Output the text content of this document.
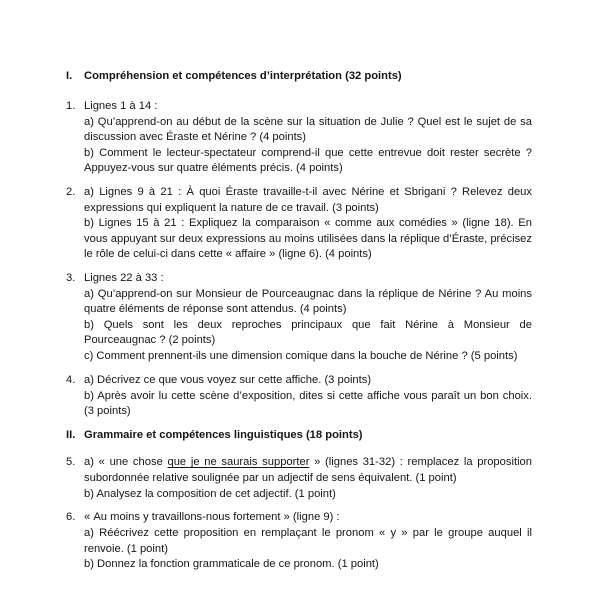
I. Compréhension et compétences d’interprétation (32 points)
1. Lignes 1 à 14 :
a) Qu’apprend-on au début de la scène sur la situation de Julie ? Quel est le sujet de sa discussion avec Éraste et Nérine ? (4 points)
b) Comment le lecteur-spectateur comprend-il que cette entrevue doit rester secrète ? Appuyez-vous sur quatre éléments précis. (4 points)
2. a) Lignes 9 à 21 : À quoi Éraste travaille-t-il avec Nérine et Sbrigani ? Relevez deux expressions qui expliquent la nature de ce travail. (3 points)
b) Lignes 15 à 21 : Expliquez la comparaison « comme aux comédies » (ligne 18). En vous appuyant sur deux expressions au moins utilisées dans la réplique d’Éraste, précisez le rôle de celui-ci dans cette « affaire » (ligne 6). (4 points)
3. Lignes 22 à 33 :
a) Qu’apprend-on sur Monsieur de Pourceaugnac dans la réplique de Nérine ? Au moins quatre éléments de réponse sont attendus. (4 points)
b) Quels sont les deux reproches principaux que fait Nérine à Monsieur de Pourceaugnac ? (2 points)
c) Comment prennent-ils une dimension comique dans la bouche de Nérine ? (5 points)
4. a) Décrivez ce que vous voyez sur cette affiche. (3 points)
b) Après avoir lu cette scène d’exposition, dites si cette affiche vous paraît un bon choix. (3 points)
II. Grammaire et compétences linguistiques (18 points)
5. a) « une chose que je ne saurais supporter » (lignes 31-32) : remplacez la proposition subordonnée relative soulignée par un adjectif de sens équivalent. (1 point)
b) Analysez la composition de cet adjectif. (1 point)
6. « Au moins y travaillons-nous fortement » (ligne 9) :
a) Réécrivez cette proposition en remplaçant le pronom « y » par le groupe auquel il renvoie. (1 point)
b) Donnez la fonction grammaticale de ce pronom. (1 point)
